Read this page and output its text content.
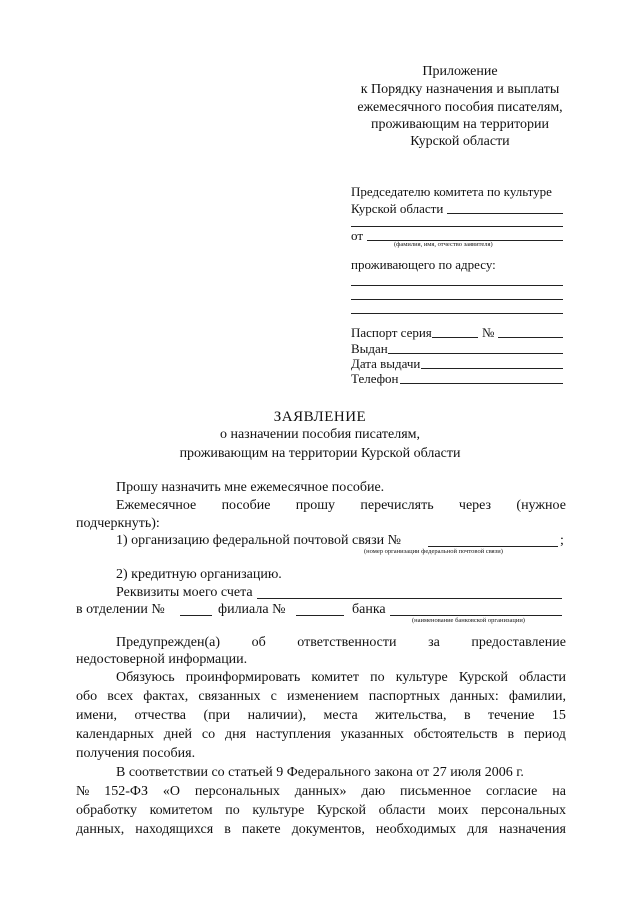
Приложение
к Порядку назначения и выплаты
ежемесячного пособия писателям,
проживающим на территории
Курской области
Председателю комитета по культуре
Курской области
от
(фамилия, имя, отчество заявителя)
проживающего по адресу:
Паспорт серия	№
Выдан
Дата выдачи
Телефон
ЗАЯВЛЕНИЕ
о назначении пособия писателям,
проживающим на территории Курской области
Прошу назначить мне ежемесячное пособие.
Ежемесячное пособие прошу перечислять через (нужное
подчеркнуть):
1) организацию федеральной почтовой связи №	;
(номер организации федеральной почтовой связи)
2) кредитную организацию.
Реквизиты моего счета
в отделении №	филиала №	банка
(наименование банковской организации)
Предупрежден(а) об ответственности за предоставление
недостоверной информации.
Обязуюсь проинформировать комитет по культуре Курской области
обо всех фактах, связанных с изменением паспортных данных: фамилии,
имени, отчества (при наличии), места жительства, в течение 15
календарных дней со дня наступления указанных обстоятельств в период
получения пособия.
В соответствии со статьей 9 Федерального закона от 27 июля 2006 г.
№ 152-ФЗ «О персональных данных» даю письменное согласие на
обработку комитетом по культуре Курской области моих персональных
данных, находящихся в пакете документов, необходимых для назначения
